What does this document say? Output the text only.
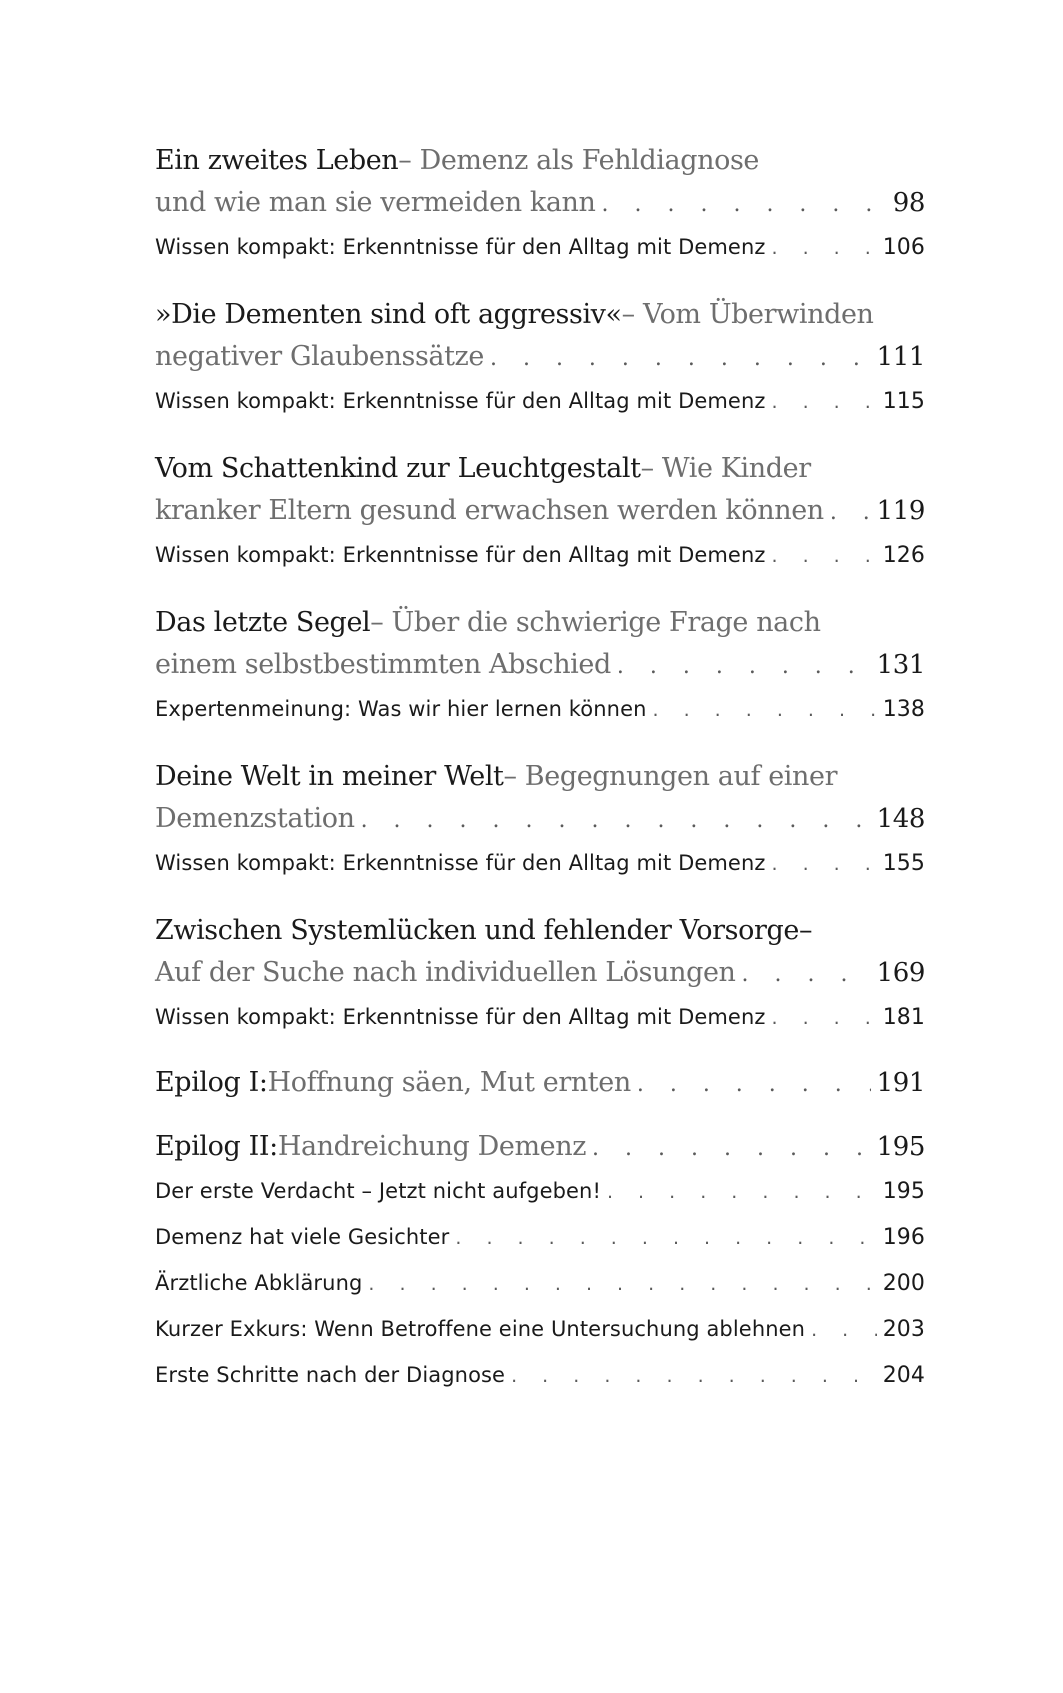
Ein zweites Leben – Demenz als Fehldiagnose
und wie man sie vermeiden kann . . .	98
Wissen kompakt: Erkenntnisse für den Alltag mit Demenz . . .	106
»Die Dementen sind oft aggressiv« – Vom Überwinden
negativer Glaubenssätze . . .	111
Wissen kompakt: Erkenntnisse für den Alltag mit Demenz . . .	115
Vom Schattenkind zur Leuchtgestalt – Wie Kinder
kranker Eltern gesund erwachsen werden können . . . 119
Wissen kompakt: Erkenntnisse für den Alltag mit Demenz . . .	126
Das letzte Segel – Über die schwierige Frage nach
einem selbstbestimmten Abschied . . .	131
Expertenmeinung: Was wir hier lernen können . . .	138
Deine Welt in meiner Welt – Begegnungen auf einer
Demenzstation . . .	148
Wissen kompakt: Erkenntnisse für den Alltag mit Demenz . . .	155
Zwischen Systemlücken und fehlender Vorsorge –
Auf der Suche nach individuellen Lösungen . . .	169
Wissen kompakt: Erkenntnisse für den Alltag mit Demenz . . .	181
Epilog I: Hoffnung säen, Mut ernten . . .	191
Epilog II: Handreichung Demenz . . .	195
Der erste Verdacht – Jetzt nicht aufgeben! . . .	195
Demenz hat viele Gesichter . . .	196
Ärztliche Abklärung . . .	200
Kurzer Exkurs: Wenn Betroffene eine Untersuchung ablehnen . . .	203
Erste Schritte nach der Diagnose . . .	204
